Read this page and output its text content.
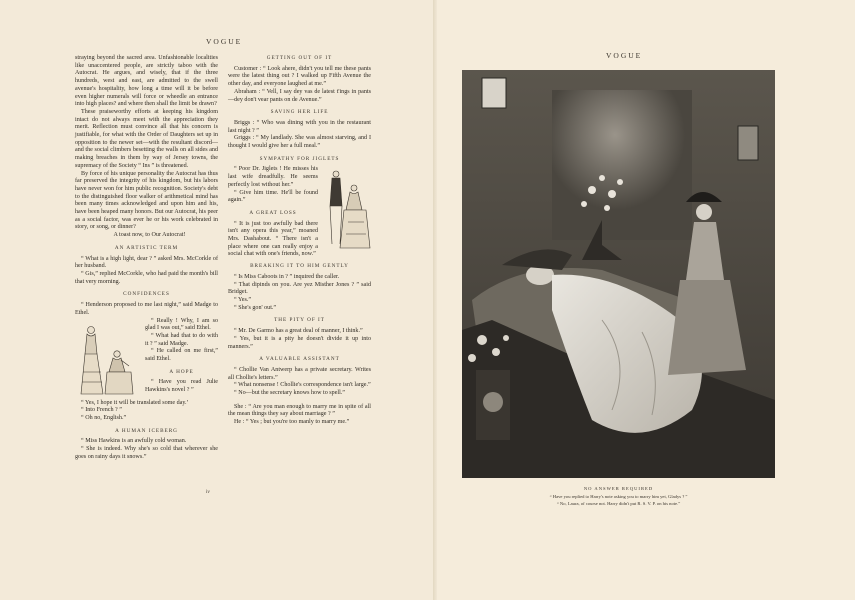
VOGUE

straying beyond the sacred area. Unfashionable localities like unaccentered people, are strictly taboo with the Autocrat. He argues, and wisely, that if the three hundreds, west and east, are admitted to the swell avenue's hospitality, how long a time will it be before even higher numerals will force or wheedle an entrance into high places? and where then shall the limit be drawn?

These praiseworthy efforts at keeping his kingdom intact do not always meet with the appreciation they merit. Reflection must convince all that his concern is justifiable, for what with the Order of Daughters set up in opposition to the newer set—with the resultant discord—and the social climbers besetting the walls on all sides and making breaches in them by way of Jersey towns, the supremacy of the Society “ Ins ” is threatened.

By force of his unique personality the Autocrat has thus far preserved the integrity of his kingdom, but his labors have never won for him public recognition. Society's debt to the distinguished floor walker of arithmetical mind has been many times acknowledged and upon him and his, have been heaped many honors. But our Autocrat, his peer as a social factor, was ever he or his work celebrated in story, or song, or dinner?

A toast now, to Our Autocrat!

AN ARTISTIC TERM

“ What is a high light, dear ? ” asked Mrs. McCorkle of her husband.

“ Gis,” replied McCorkle, who had paid the month's bill that very morning.

CONFIDENCES

“ Henderson proposed to me last night,” said Madge to Ethel.

“ Really ! Why, I am so glad I was out,” said Ethel.

“ What had that to do with it ? ” said Madge.

“ He called on me first,” said Ethel.

A HOPE

“ Have you read Julie Hawkins's novel ? ”

“ Yes, I hope it will be translated some day.’

“ Into French ? ”

“ Oh no, English.”

A HUMAN ICEBERG

“ Miss Hawkins is an awfully cold woman.

“ She is indeed. Why she's so cold that wherever she goes on rainy days it snows.”

GETTING OUT OF IT

Customer : “ Look ahere, didn't you tell me these pants were the latest thing out ? I walked up Fifth Avenue the other day, and everyone laughed at me.”

Abraham : “ Vell, I say dey vas de latest t'ings in pants—dey don't vear pants on de Avenue.”

SAVING HER LIFE

Briggs : “ Who was dining with you in the restaurant last night ? ”

Griggs : “ My landlady. She was almost starving, and I thought I would give her a full meal.”

SYMPATHY FOR JIGLETS

“ Poor Dr. Jiglets ! He misses his last wife dreadfully. He seems perfectly lost without her.”

“ Give him time. He'll be found again.”

A GREAT LOSS

“ It is just too awfully bad there isn't any opera this year,” moaned Mrs. Dashabout. “ There isn't a place where one can really enjoy a social chat with one's friends, now.”

BREAKING IT TO HIM GENTLY

“ Is Miss Caboots in ? ” inquired the caller.

“ That dipinds on you. Are yez Misther Jones ? ” said Bridget.

“ Yes.”

“ She's gon' out.”

THE PITY OF IT

“ Mr. De Garmo has a great deal of manner, I think.”

“ Yes, but it is a pity he doesn't divide it up into manners.”

A VALUABLE ASSISTANT

“ Chollie Van Antwerp has a private secretary. Writes all Chollie's letters.”

“ What nonsense ! Chollie's correspondence isn't large.”

“ No—but the secretary knows how to spell.”

She : “ Are you man enough to marry me in spite of all the mean things they say about marriage ? ”

He : “ Yes ; but you're too manly to marry me.”

iv
VOGUE
NO ANSWER REQUIRED
“ Have you replied to Harry's note asking you to marry him yet, Gladys ? ”
“ No, Laura, of course not. Harry didn't put R. S. V. P. on his note.”
